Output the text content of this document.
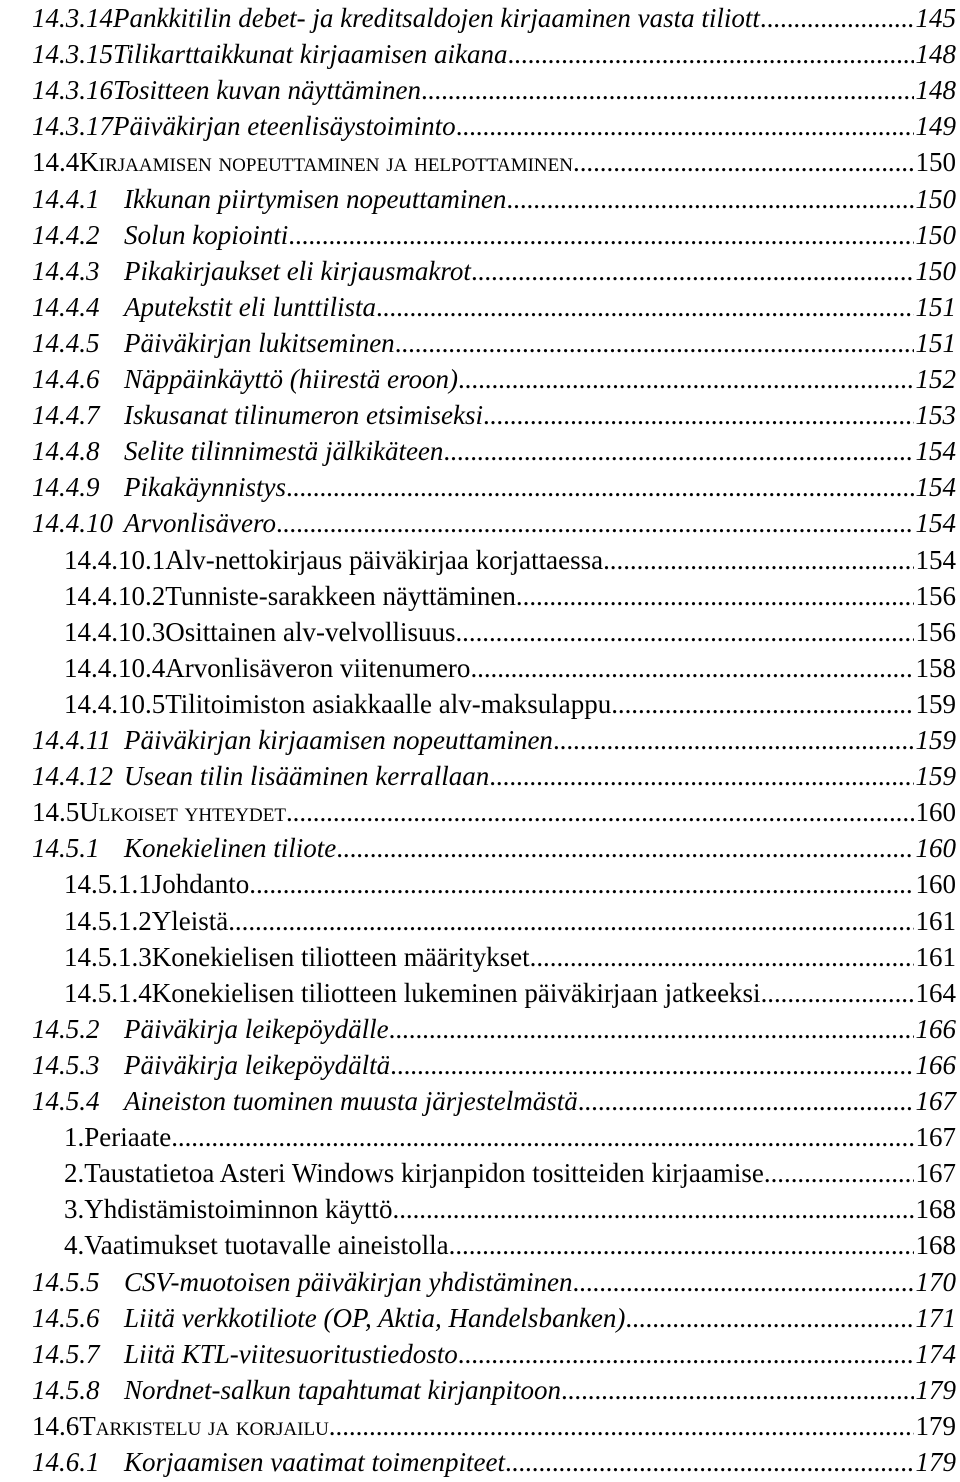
14.3.14 Pankkitilin debet- ja kreditsaldojen kirjaaminen vasta tiliott . . .	145
14.3.15 Tilikarttaikkunat kirjaamisen aikana . . .	148
14.3.16 Tositteen kuvan näyttäminen . . .	148
14.3.17 Päiväkirjan eteenlisäystoiminto . . .	149
14.4 Kirjaamisen nopeuttaminen ja helpottaminen . . .	150
14.4.1 Ikkunan piirtymisen nopeuttaminen . . .	150
14.4.2 Solun kopiointi . . .	150
14.4.3 Pikakirjaukset eli kirjausmakrot . . .	150
14.4.4 Aputekstit eli lunttilista . . .	151
14.4.5 Päiväkirjan lukitseminen . . .	151
14.4.6 Näppäinkäyttö (hiirestä eroon) . . .	152
14.4.7 Iskusanat tilinumeron etsimiseksi . . .	153
14.4.8 Selite tilinnimestä jälkikäteen . . .	154
14.4.9 Pikakäynnistys . . .	154
14.4.10 Arvonlisävero . . .	154
14.4.10.1 Alv-nettokirjaus päiväkirjaa korjattaessa . . .	154
14.4.10.2 Tunniste-sarakkeen näyttäminen . . .	156
14.4.10.3 Osittainen alv-velvollisuus . . .	156
14.4.10.4 Arvonlisäveron viitenumero . . .	158
14.4.10.5 Tilitoimiston asiakkaalle alv-maksulappu . . .	159
14.4.11 Päiväkirjan kirjaamisen nopeuttaminen . . .	159
14.4.12 Usean tilin lisääminen kerrallaan . . .	159
14.5 Ulkoiset yhteydet . . .	160
14.5.1 Konekielinen tiliote . . .	160
14.5.1.1 Johdanto . . .	160
14.5.1.2 Yleistä . . .	161
14.5.1.3 Konekielisen tiliotteen määritykset . . .	161
14.5.1.4 Konekielisen tiliotteen lukeminen päiväkirjaan jatkeeksi . . .	164
14.5.2 Päiväkirja leikepöydälle . . .	166
14.5.3 Päiväkirja leikepöydältä . . .	166
14.5.4 Aineiston tuominen muusta järjestelmästä . . .	167
1. Periaate . . .	167
2. Taustatietoa Asteri Windows kirjanpidon tositteiden kirjaamise . . .	167
3. Yhdistämistoiminnon käyttö . . .	168
4. Vaatimukset tuotavalle aineistolla . . .	168
14.5.5 CSV-muotoisen päiväkirjan yhdistäminen . . .	170
14.5.6 Liitä verkkotiliote (OP, Aktia, Handelsbanken) . . .	171
14.5.7 Liitä KTL-viitesuoritustiedosto . . .	174
14.5.8 Nordnet-salkun tapahtumat kirjanpitoon . . .	179
14.6 Tarkistelu ja korjailu . . .	179
14.6.1 Korjaamisen vaatimat toimenpiteet . . .	179
